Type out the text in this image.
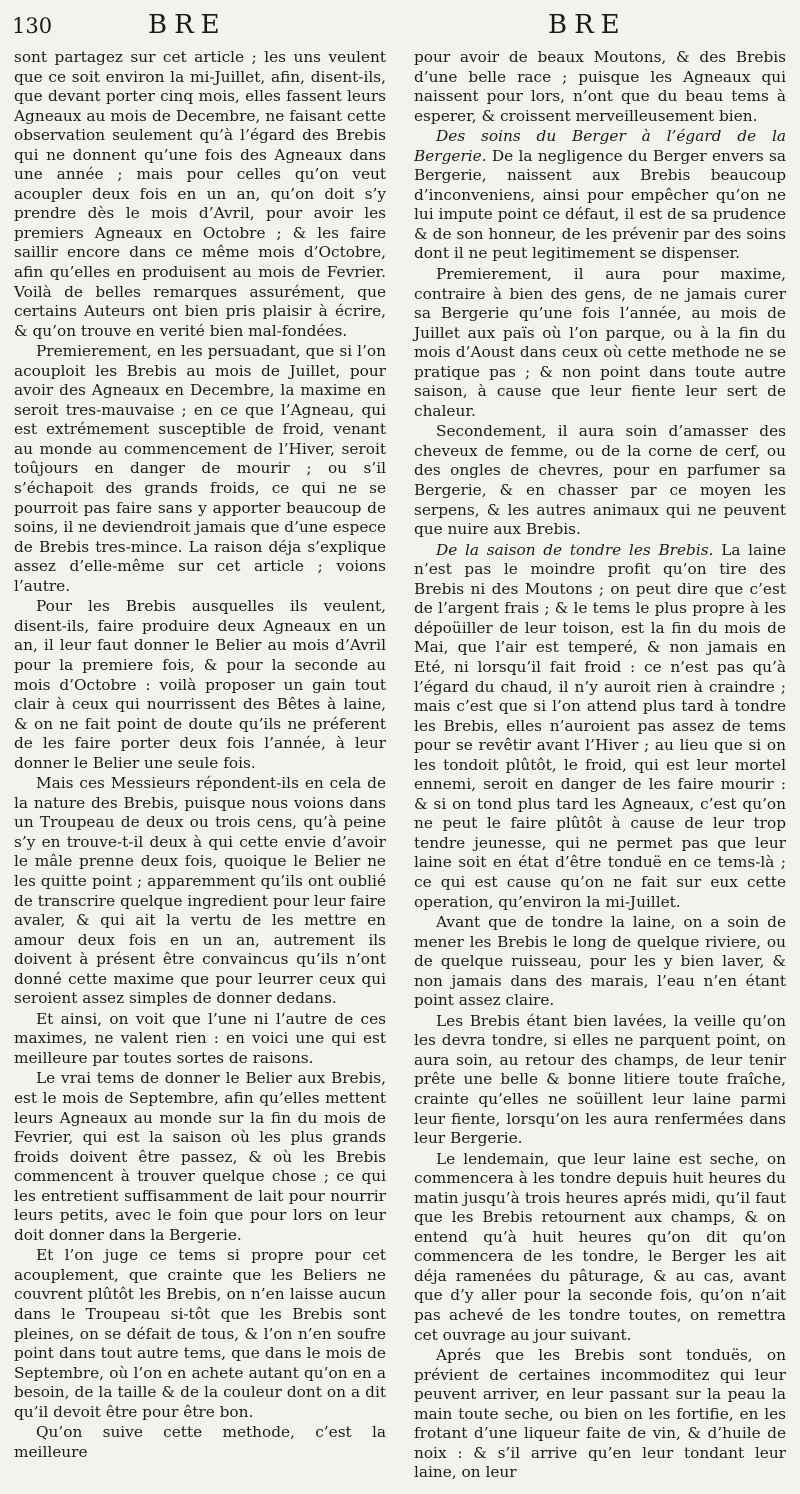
130	BRE	BRE

sont partagez sur cet article ; les uns veulent que ce soit environ la mi-Juillet, afin, disent-ils, que devant porter cinq mois, elles fassent leurs Agneaux au mois de Decembre, ne faisant cette observation seulement qu’à l’égard des Brebis qui ne donnent qu’une fois des Agneaux dans une année ; mais pour celles qu’on veut acoupler deux fois en un an, qu’on doit s’y prendre dès le mois d’Avril, pour avoir les premiers Agneaux en Octobre ; & les faire saillir encore dans ce même mois d’Octobre, afin qu’elles en produisent au mois de Fevrier. Voilà de belles remarques assurément, que certains Auteurs ont bien pris plaisir à écrire, & qu’on trouve en verité bien mal-fondées.

Premierement, en les persuadant, que si l’on acouploit les Brebis au mois de Juillet, pour avoir des Agneaux en Decembre, la maxime en seroit tres-mauvaise ; en ce que l’Agneau, qui est extrémement susceptible de froid, venant au monde au commencement de l’Hiver, seroit toûjours en danger de mourir ; ou s’il s’échapoit des grands froids, ce qui ne se pourroit pas faire sans y apporter beaucoup de soins, il ne deviendroit jamais que d’une espece de Brebis tres-mince. La raison déja s’explique assez d’elle-même sur cet article ; voions l’autre.

Pour les Brebis ausquelles ils veulent, disent-ils, faire produire deux Agneaux en un an, il leur faut donner le Belier au mois d’Avril pour la premiere fois, & pour la seconde au mois d’Octobre : voilà proposer un gain tout clair à ceux qui nourrissent des Bêtes à laine, & on ne fait point de doute qu’ils ne préferent de les faire porter deux fois l’année, à leur donner le Belier une seule fois.

Mais ces Messieurs répondent-ils en cela de la nature des Brebis, puisque nous voions dans un Troupeau de deux ou trois cens, qu’à peine s’y en trouve-t-il deux à qui cette envie d’avoir le mâle prenne deux fois, quoique le Belier ne les quitte point ; apparemment qu’ils ont oublié de transcrire quelque ingredient pour leur faire avaler, & qui ait la vertu de les mettre en amour deux fois en un an, autrement ils doivent à présent être convaincus qu’ils n’ont donné cette maxime que pour leurrer ceux qui seroient assez simples de donner dedans.

Et ainsi, on voit que l’une ni l’autre de ces maximes, ne valent rien : en voici une qui est meilleure par toutes sortes de raisons.

Le vrai tems de donner le Belier aux Brebis, est le mois de Septembre, afin qu’elles mettent leurs Agneaux au monde sur la fin du mois de Fevrier, qui est la saison où les plus grands froids doivent être passez, & où les Brebis commencent à trouver quelque chose ; ce qui les entretient suffisamment de lait pour nourrir leurs petits, avec le foin que pour lors on leur doit donner dans la Bergerie.

Et l’on juge ce tems si propre pour cet acouplement, que crainte que les Beliers ne couvrent plûtôt les Brebis, on n’en laisse aucun dans le Troupeau si-tôt que les Brebis sont pleines, on se défait de tous, & l’on n’en soufre point dans tout autre tems, que dans le mois de Septembre, où l’on en achete autant qu’on en a besoin, de la taille & de la couleur dont on a dit qu’il devoit être pour être bon.

Qu’on suive cette methode, c’est la meilleure

pour avoir de beaux Moutons, & des Brebis d’une belle race ; puisque les Agneaux qui naissent pour lors, n’ont que du beau tems à esperer, & croissent merveilleusement bien.

Des soins du Berger à l’égard de la Bergerie. De la negligence du Berger envers sa Bergerie, naissent aux Brebis beaucoup d’inconveniens, ainsi pour empêcher qu’on ne lui impute point ce défaut, il est de sa prudence & de son honneur, de les prévenir par des soins dont il ne peut legitimement se dispenser.

Premierement, il aura pour maxime, contraire à bien des gens, de ne jamais curer sa Bergerie qu’une fois l’année, au mois de Juillet aux païs où l’on parque, ou à la fin du mois d’Aoust dans ceux où cette methode ne se pratique pas ; & non point dans toute autre saison, à cause que leur fiente leur sert de chaleur.

Secondement, il aura soin d’amasser des cheveux de femme, ou de la corne de cerf, ou des ongles de chevres, pour en parfumer sa Bergerie, & en chasser par ce moyen les serpens, & les autres animaux qui ne peuvent que nuire aux Brebis.

De la saison de tondre les Brebis. La laine n’est pas le moindre profit qu’on tire des Brebis ni des Moutons ; on peut dire que c’est de l’argent frais ; & le tems le plus propre à les dépoüiller de leur toison, est la fin du mois de Mai, que l’air est temperé, & non jamais en Eté, ni lorsqu’il fait froid : ce n’est pas qu’à l’égard du chaud, il n’y auroit rien à craindre ; mais c’est que si l’on attend plus tard à tondre les Brebis, elles n’auroient pas assez de tems pour se revêtir avant l’Hiver ; au lieu que si on les tondoit plûtôt, le froid, qui est leur mortel ennemi, seroit en danger de les faire mourir : & si on tond plus tard les Agneaux, c’est qu’on ne peut le faire plûtôt à cause de leur trop tendre jeunesse, qui ne permet pas que leur laine soit en état d’être tonduë en ce tems-là ; ce qui est cause qu’on ne fait sur eux cette operation, qu’environ la mi-Juillet.

Avant que de tondre la laine, on a soin de mener les Brebis le long de quelque riviere, ou de quelque ruisseau, pour les y bien laver, & non jamais dans des marais, l’eau n’en étant point assez claire.

Les Brebis étant bien lavées, la veille qu’on les devra tondre, si elles ne parquent point, on aura soin, au retour des champs, de leur tenir prête une belle & bonne litiere toute fraîche, crainte qu’elles ne soüillent leur laine parmi leur fiente, lorsqu’on les aura renfermées dans leur Bergerie.

Le lendemain, que leur laine est seche, on commencera à les tondre depuis huit heures du matin jusqu’à trois heures aprés midi, qu’il faut que les Brebis retournent aux champs, & on entend qu’à huit heures qu’on dit qu’on commencera de les tondre, le Berger les ait déja ramenées du pâturage, & au cas, avant que d’y aller pour la seconde fois, qu’on n’ait pas achevé de les tondre toutes, on remettra cet ouvrage au jour suivant.

Aprés que les Brebis sont tonduës, on prévient de certaines incommoditez qui leur peuvent arriver, en leur passant sur la peau la main toute seche, ou bien on les fortifie, en les frotant d’une liqueur faite de vin, & d’huile de noix : & s’il arrive qu’en leur tondant leur laine, on leur
